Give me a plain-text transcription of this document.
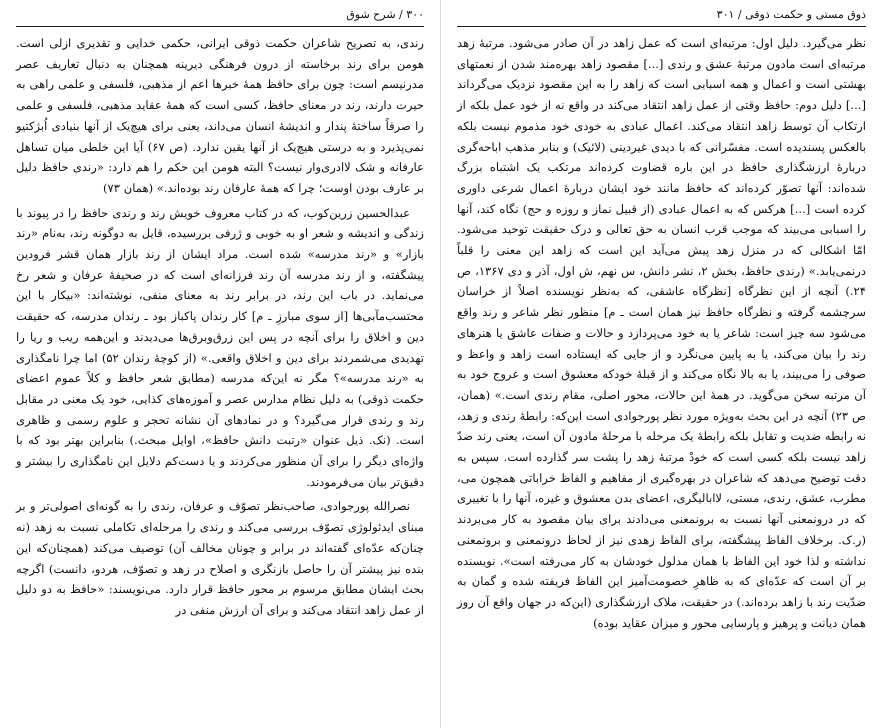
۳۰۰ / شرح شوق

رندی، به تصریح شاعران حکمت ذوقی ایرانی، حکمی خدایی و تقدیری ازلی است. هومن برای رند برخاسته از درون فرهنگی دیرینه همچنان به دنبال تعاریف عصر مدرنیسم است: چون برای حافظ همهٔ خبرها اعم از مذهبی، فلسفی و علمی راهی به حیرت دارند، رند در معنای حافظ، کسی است که همهٔ عقاید مذهبی، فلسفی و علمی را صرفاً ساختهٔ پندار و اندیشهٔ انسان می‌داند، یعنی برای هیچ‌یک از آنها بنیادی اُبژکتیو نمی‌پذیرد و به درستی هیچ‌یک از آنها یقین ندارد. (ص ۶۷) آیا این خلطی میان تساهل عارفانه و شک لاادری‌وار نیست؟ البته هومن این حکم را هم دارد: «رندی حافظ دلیل بر عارف بودن اوست؛ چرا که همهٔ عارفان رند بوده‌اند.» (همان ۷۳)

عبدالحسین زرین‌کوب، که در کتاب معروف خویش رند و رندی حافظ را در پیوند با زندگی و اندیشه و شعر او به خوبی و ژرفی بررسیده، قایل به دوگونه رند، به‌نام «رند بازار» و «رند مدرسه» شده است. مراد ایشان از رند بازار همان قشر فرودین پیشگفته، و از رند مدرسه آن رند فرزانه‌ای است که در صحیفهٔ عرفان و شعر رخ می‌نماید. در باب این رند، در برابر رند به معنای منفی، نوشته‌اند: «بیکار با این محتسب‌مآبی‌ها [از سوی مبارزِ ـ م] کار رندان پاکباز بود ـ رندان مدرسه، که حقیقت دین و اخلاق را برای آنچه در پس این زرق‌وبرق‌ها می‌دیدند و این‌همه ریب و ریا را تهدیدی می‌شمردند برای دین و اخلاق واقعی.» (از کوچهٔ رندان ۵۲) اما چرا نامگذاری به «رند مدرسه»؟ مگر نه این‌که مدرسه (مطابق شعر حافظ و کلاً عموم اعضای حکمت ذوقی) به دلیل نظام مدارس عصر و آموزه‌های کذایی، خود یک معنی در مقابل رند و رندی قرار می‌گیرد؟ و در نمادهای آن نشانه تحجر و علوم رسمی و ظاهری است. (نک. ذیل عنوان «رتبت دانش حافظ»، اوایل مبحث.) بنابراین بهتر بود که با واژه‌ای دیگر را برای آن منظور می‌کردند و یا دست‌کم دلایل این نامگذاری را بیشتر و دقیق‌تر بیان می‌فرمودند.

نصرالله پورجوادی، صاحب‌نظر تصوّف و عرفان، رندی را به گونه‌ای اصولی‌تر و بر مبنای ایدئولوژی تصوّف بررسی می‌کند و رندی را مرحله‌ای تکاملی نسبت به زهد (نه چنان‌که عدّه‌ای گفته‌اند در برابر و چونان مخالف آن) توصیف می‌کند (همچنان‌که این بنده نیز پیشتر آن را حاصل بازنگری و اصلاح در زهد و تصوّف، هردو، دانست) اگرچه بحث ایشان مطابق مرسوم بر محور حافظ قرار دارد. می‌نویسند: «حافظ به دو دلیل از عمل زاهد انتقاد می‌کند و برای آن ارزش منفی در

ذوق مستی و حکمت ذوقی / ۳۰۱

نظر می‌گیرد. دلیل اول: مرتبه‌ای است که عمل زاهد در آن صادر می‌شود. مرتبهٔ زهد مرتبه‌ای است مادون مرتبهٔ عشق و رندی [...] مقصود زاهد بهره‌مند شدن از نعمتهای بهشتی است و اعمال و همه اسبابی است که زاهد را به این مقصود نزدیک می‌گرداند [...] دلیل دوم: حافظ وقتی از عمل زاهد انتقاد می‌کند در واقع نه از خود عمل بلکه از ارتکاب آن توسط زاهد انتقاد می‌کند. اعمال عبادی به خودی خود مذموم نیست بلکه بالعکس پسندیده است. مفسّرانی که با دیدی غیردینی (لائیک) و بنابر مذهب اباحه‌گری دربارهٔ ارزشگذاری حافظ در این باره قضاوت کرده‌اند مرتکب یک اشتباه بزرگ شده‌اند: آنها تصوّر کرده‌اند که حافظ مانند خود ایشان دربارهٔ اعمال شرعی داوری کرده است [...] هرکس که به اعمال عبادی (از قبیل نماز و روزه و حج) نگاه کند، آنها را اسبابی می‌بیند که موجب قرب انسان به حق تعالی و درک حقیقت توحید می‌شود. امّا اشکالی که در منزل زهد پیش می‌آید این است که زاهد این معنی را قلباً درنمی‌یابد.» (رندی حافظ، بخش ۲، نشر دانش، س نهم، ش اول، آذر و دی ۱۳۶۷، ص ۲۴.) آنچه از این نظرگاه [نظرگاه عاشقی، که به‌نظر نویسنده اصلاً از خراسان سرچشمه گرفته و نظرگاه حافظ نیز همان است ـ م] منظور نظر شاعر و رند واقع می‌شود سه چیز است: شاعر یا به خود می‌پردازد و حالات و صفات عاشق یا هنرهای رند را بیان می‌کند، یا به پایین می‌نگرد و از جایی که ایستاده است زاهد و واعظ و صوفی را می‌بیند، یا به بالا نگاه می‌کند و از قبلهٔ خودکه معشوق است و عروج خود به آن مرتبه سخن می‌گوید. در همهٔ این حالات، محور اصلی، مقام رندی است.» (همان، ص ۲۳) آنچه در این بحث به‌ویژه مورد نظر پورجوادی است این‌که: رابطهٔ رندی و زهد، نه رابطه ضدیت و تقابل بلکه رابطهٔ یک مرحله با مرحلهٔ مادون آن است، یعنی رند ضدّ زاهد نیست بلکه کسی است که خودْ مرتبهٔ زهد را پشت سر گذارده است. سپس به دقت توضیح می‌دهد که شاعران در بهره‌گیری از مفاهیم و الفاظ خراباتی همچون می، مطرب، عشق، رندی، مستی، لاابالیگری، اعضای بدن معشوق و غیره، آنها را با تغییری که در درونمعنی آنها نسبت به برونمعنی می‌دادند برای بیان مقصود به کار می‌بردند (ر.ک. برخلاف الفاظ پیشگفته، برای الفاظ زهدی نیز از لحاظ درونمعنی و برونمعنی نداشته و لذا خود این الفاظ با همان مدلول خودشان به کار می‌رفته است». نویسنده بر آن است که عدّه‌ای که به ظاهرِ خصومت‌آمیز این الفاظ فریفته شده و گمان به ضدّیت رند با زاهد برده‌اند.) در حقیقت، ملاک ارزشگذاری (این‌که در جهان واقع آن روز همان دیانت و پرهیز و پارسایی محور و میزان عقاید بوده)
